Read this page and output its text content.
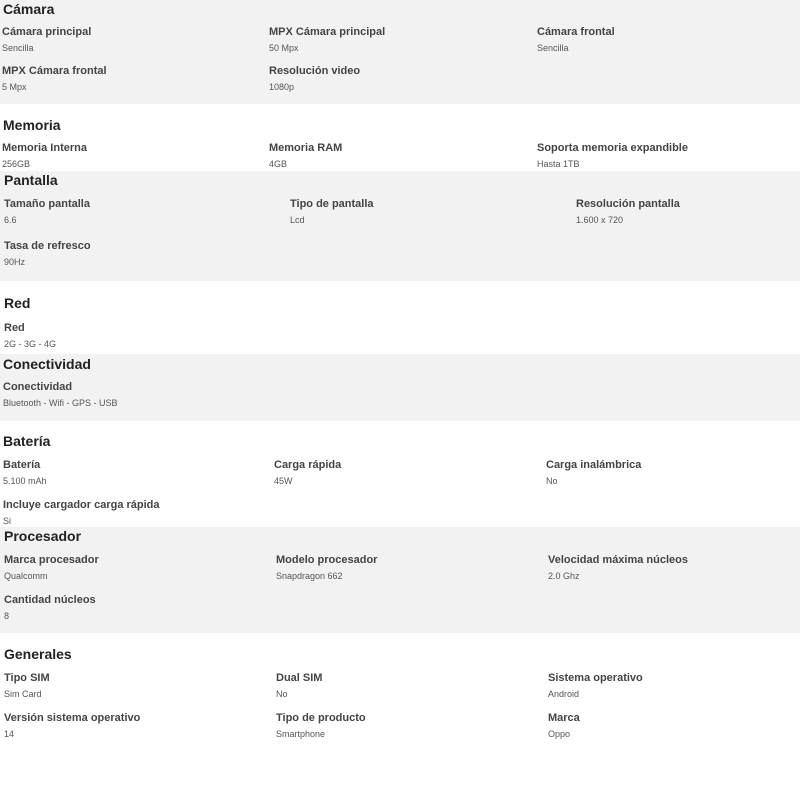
Cámara
Cámara principal
Sencilla
MPX Cámara principal
50 Mpx
Cámara frontal
Sencilla
MPX Cámara frontal
5 Mpx
Resolución video
1080p
Memoria
Memoria Interna
256GB
Memoria RAM
4GB
Soporta memoria expandible
Hasta 1TB
Pantalla
Tamaño pantalla
6.6
Tipo de pantalla
Lcd
Resolución pantalla
1.600 x 720
Tasa de refresco
90Hz
Red
Red
2G - 3G - 4G
Conectividad
Conectividad
Bluetooth - Wifi - GPS - USB
Batería
Batería
5.100 mAh
Carga rápida
45W
Carga inalámbrica
No
Incluye cargador carga rápida
Si
Procesador
Marca procesador
Qualcomm
Modelo procesador
Snapdragon 662
Velocidad máxima núcleos
2.0 Ghz
Cantidad núcleos
8
Generales
Tipo SIM
Sim Card
Dual SIM
No
Sistema operativo
Android
Versión sistema operativo
14
Tipo de producto
Smartphone
Marca
Oppo
